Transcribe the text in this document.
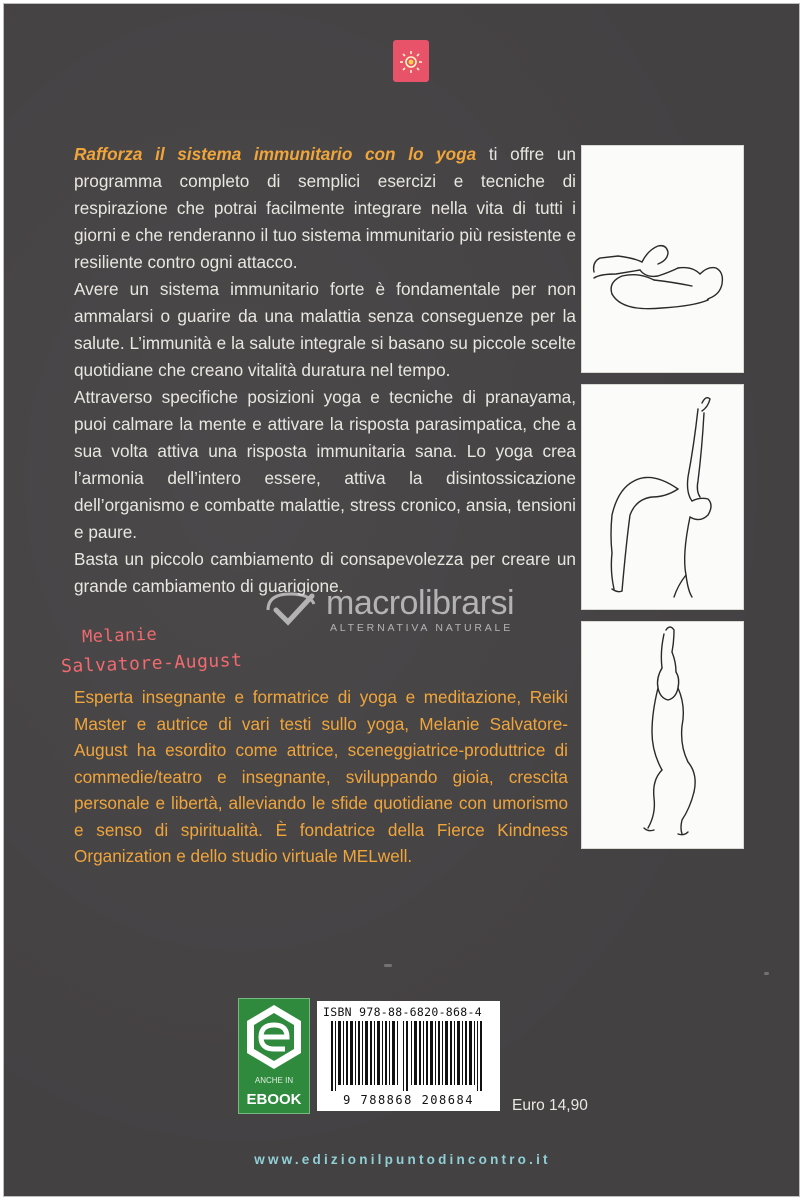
Rafforza il sistema immunitario con lo yoga ti offre un programma completo di semplici esercizi e tecniche di respirazione che potrai facilmente integrare nella vita di tutti i giorni e che renderanno il tuo sistema immunitario più resistente e resiliente contro ogni attacco.

Avere un sistema immunitario forte è fondamentale per non ammalarsi o guarire da una malattia senza conseguenze per la salute. L’immunità e la salute integrale si basano su piccole scelte quotidiane che creano vitalità duratura nel tempo.

Attraverso specifiche posizioni yoga e tecniche di pranayama, puoi calmare la mente e attivare la risposta parasimpatica, che a sua volta attiva una risposta immunitaria sana. Lo yoga crea l’armonia dell’intero essere, attiva la disintossicazione dell’organismo e combatte malattie, stress cronico, ansia, tensioni e paure.

Basta un piccolo cambiamento di consapevolezza per creare un grande cambiamento di guarigione.

macrolibrarsi
ALTERNATIVA NATURALE
Melanie
Salvatore-August

Esperta insegnante e formatrice di yoga e meditazione, Reiki Master e autrice di vari testi sullo yoga, Melanie Salvatore-August ha esordito come attrice, sceneggiatrice-produttrice di commedie/teatro e insegnante, sviluppando gioia, crescita personale e libertà, alleviando le sfide quotidiane con umorismo e senso di spiritualità. È fondatrice della Fierce Kindness Organization e dello studio virtuale MELwell.

ANCHE IN
EBOOK
ISBN 978-88-6820-868-4
9 788868 208684	Euro 14,90
www.edizionilpuntodincontro.it
